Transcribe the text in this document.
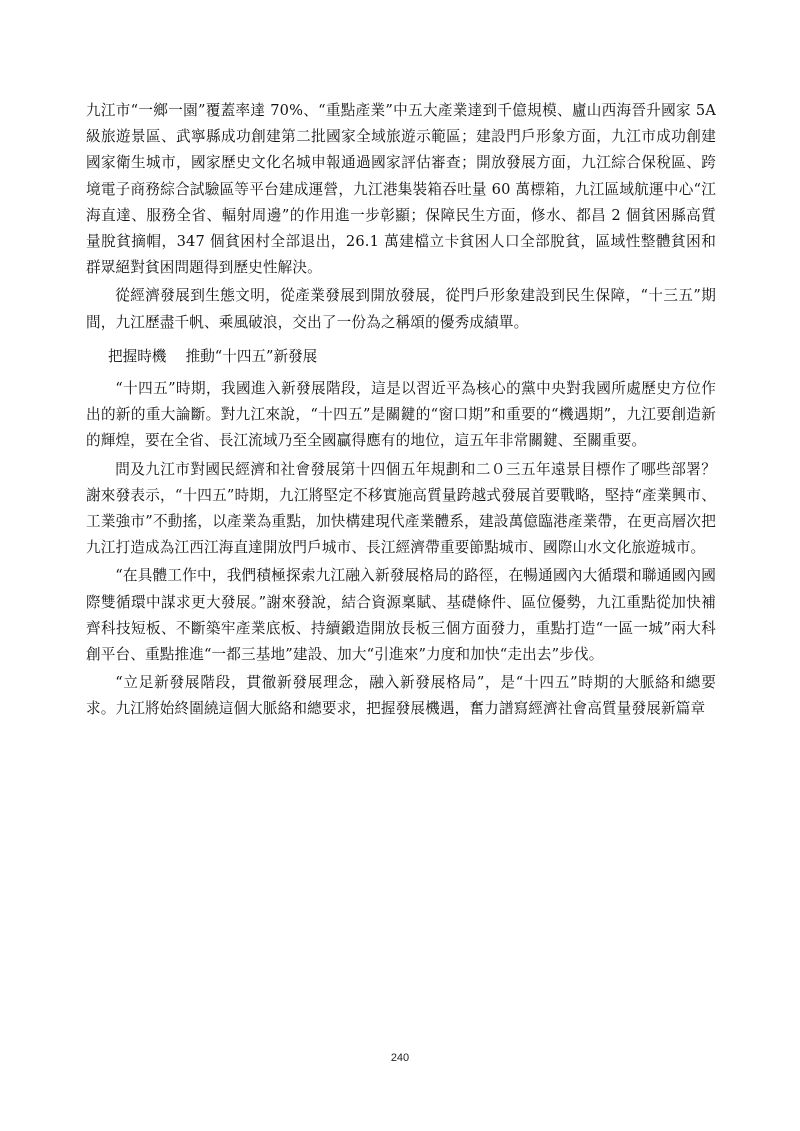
九江市“一鄉一園”覆蓋率達 70%、“重點產業”中五大產業達到千億規模、廬山西海晉升國家 5A 級旅遊景區、武寧縣成功創建第二批國家全域旅遊示範區；建設門戶形象方面，九江市成功創建國家衛生城市，國家歷史文化名城申報通過國家評估審查；開放發展方面，九江綜合保稅區、跨境電子商務綜合試驗區等平台建成運營，九江港集裝箱吞吐量 60 萬標箱，九江區域航運中心“江海直達、服務全省、輻射周邊”的作用進一步彰顯；保障民生方面，修水、都昌 2 個貧困縣高質量脫貧摘帽，347 個貧困村全部退出，26.1 萬建檔立卡貧困人口全部脫貧，區域性整體貧困和群眾絕對貧困問題得到歷史性解決。

從經濟發展到生態文明，從產業發展到開放發展，從門戶形象建設到民生保障，“十三五”期間，九江歷盡千帆、乘風破浪，交出了一份為之稱頌的優秀成績單。

把握時機　 推動“十四五”新發展

“十四五”時期，我國進入新發展階段，這是以習近平為核心的黨中央對我國所處歷史方位作出的新的重大論斷。對九江來說，“十四五”是關鍵的“窗口期”和重要的“機遇期”，九江要創造新的輝煌，要在全省、長江流域乃至全國贏得應有的地位，這五年非常關鍵、至關重要。

問及九江市對國民經濟和社會發展第十四個五年規劃和二０三五年遠景目標作了哪些部署？謝來發表示，“十四五”時期，九江將堅定不移實施高質量跨越式發展首要戰略，堅持“產業興市、工業強市”不動搖，以產業為重點，加快構建現代產業體系，建設萬億臨港產業帶，在更高層次把九江打造成為江西江海直達開放門戶城市、長江經濟帶重要節點城市、國際山水文化旅遊城市。

“在具體工作中，我們積極探索九江融入新發展格局的路徑，在暢通國內大循環和聯通國內國際雙循環中謀求更大發展。”謝來發說，結合資源稟賦、基礎條件、區位優勢，九江重點從加快補齊科技短板、不斷築牢產業底板、持續鍛造開放長板三個方面發力，重點打造“一區一城”兩大科創平台、重點推進“一都三基地”建設、加大“引進來”力度和加快“走出去”步伐。

“立足新發展階段，貫徹新發展理念，融入新發展格局”，是“十四五”時期的大脈絡和總要求。九江將始終圍繞這個大脈絡和總要求，把握發展機遇，奮力譜寫經濟社會高質量發展新篇章

240
